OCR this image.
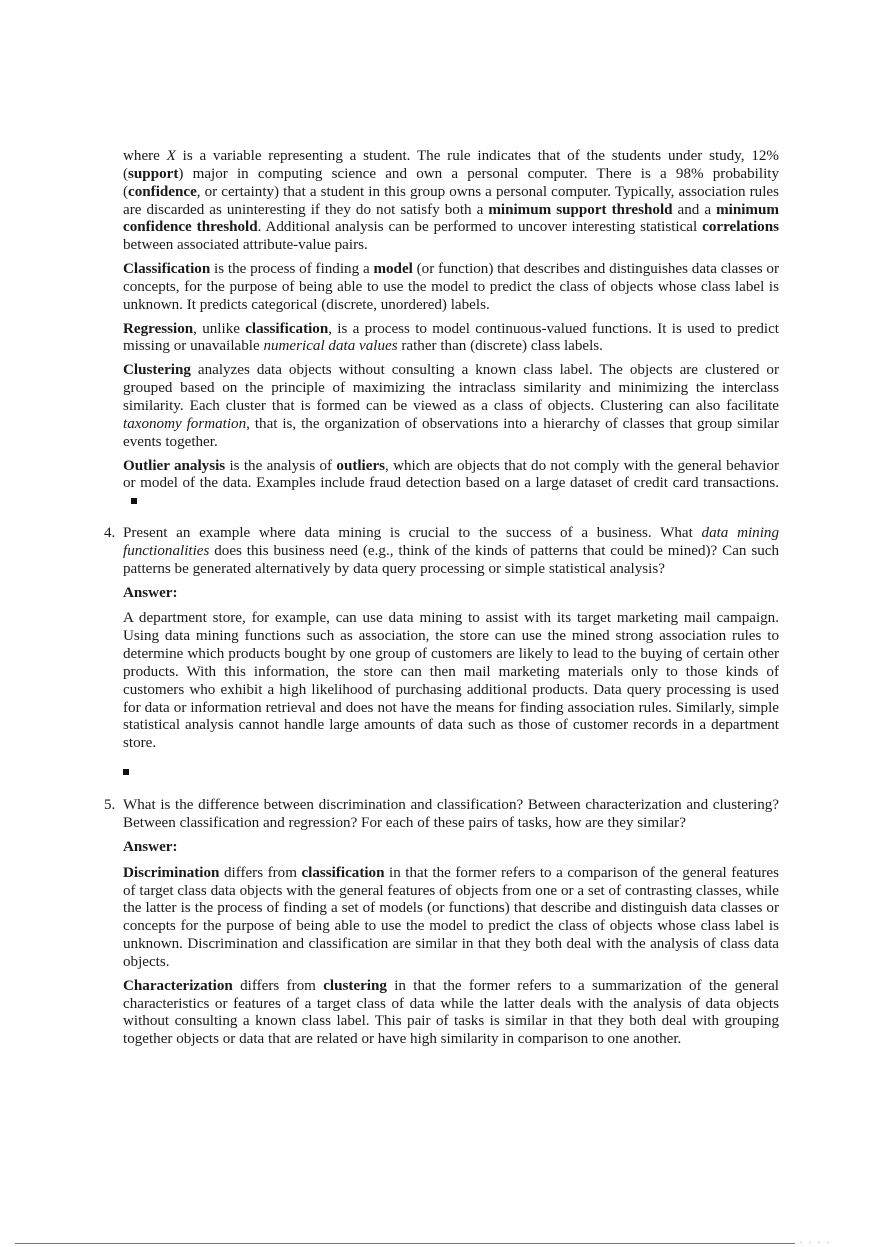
where X is a variable representing a student. The rule indicates that of the students under study, 12% (support) major in computing science and own a personal computer. There is a 98% probability (confidence, or certainty) that a student in this group owns a personal computer. Typically, association rules are discarded as uninteresting if they do not satisfy both a minimum support threshold and a minimum confidence threshold. Additional analysis can be performed to uncover interesting statistical correlations between associated attribute-value pairs.

Classification is the process of finding a model (or function) that describes and distinguishes data classes or concepts, for the purpose of being able to use the model to predict the class of objects whose class label is unknown. It predicts categorical (discrete, unordered) labels.

Regression, unlike classification, is a process to model continuous-valued functions. It is used to predict missing or unavailable numerical data values rather than (discrete) class labels.

Clustering analyzes data objects without consulting a known class label. The objects are clustered or grouped based on the principle of maximizing the intraclass similarity and minimizing the interclass similarity. Each cluster that is formed can be viewed as a class of objects. Clustering can also facilitate taxonomy formation, that is, the organization of observations into a hierarchy of classes that group similar events together.

Outlier analysis is the analysis of outliers, which are objects that do not comply with the general behavior or model of the data. Examples include fraud detection based on a large dataset of credit card transactions.

4. Present an example where data mining is crucial to the success of a business. What data mining functionalities does this business need (e.g., think of the kinds of patterns that could be mined)? Can such patterns be generated alternatively by data query processing or simple statistical analysis?

Answer:

A department store, for example, can use data mining to assist with its target marketing mail campaign. Using data mining functions such as association, the store can use the mined strong association rules to determine which products bought by one group of customers are likely to lead to the buying of certain other products. With this information, the store can then mail marketing materials only to those kinds of customers who exhibit a high likelihood of purchasing additional products. Data query processing is used for data or information retrieval and does not have the means for finding association rules. Similarly, simple statistical analysis cannot handle large amounts of data such as those of customer records in a department store.

5. What is the difference between discrimination and classification? Between characterization and clustering? Between classification and regression? For each of these pairs of tasks, how are they similar?

Answer:

Discrimination differs from classification in that the former refers to a comparison of the general features of target class data objects with the general features of objects from one or a set of contrasting classes, while the latter is the process of finding a set of models (or functions) that describe and distinguish data classes or concepts for the purpose of being able to use the model to predict the class of objects whose class label is unknown. Discrimination and classification are similar in that they both deal with the analysis of class data objects.

Characterization differs from clustering in that the former refers to a summarization of the general characteristics or features of a target class of data while the latter deals with the analysis of data objects without consulting a known class label. This pair of tasks is similar in that they both deal with grouping together objects or data that are related or have high similarity in comparison to one another.

▪ ▪ ▪ ▪
